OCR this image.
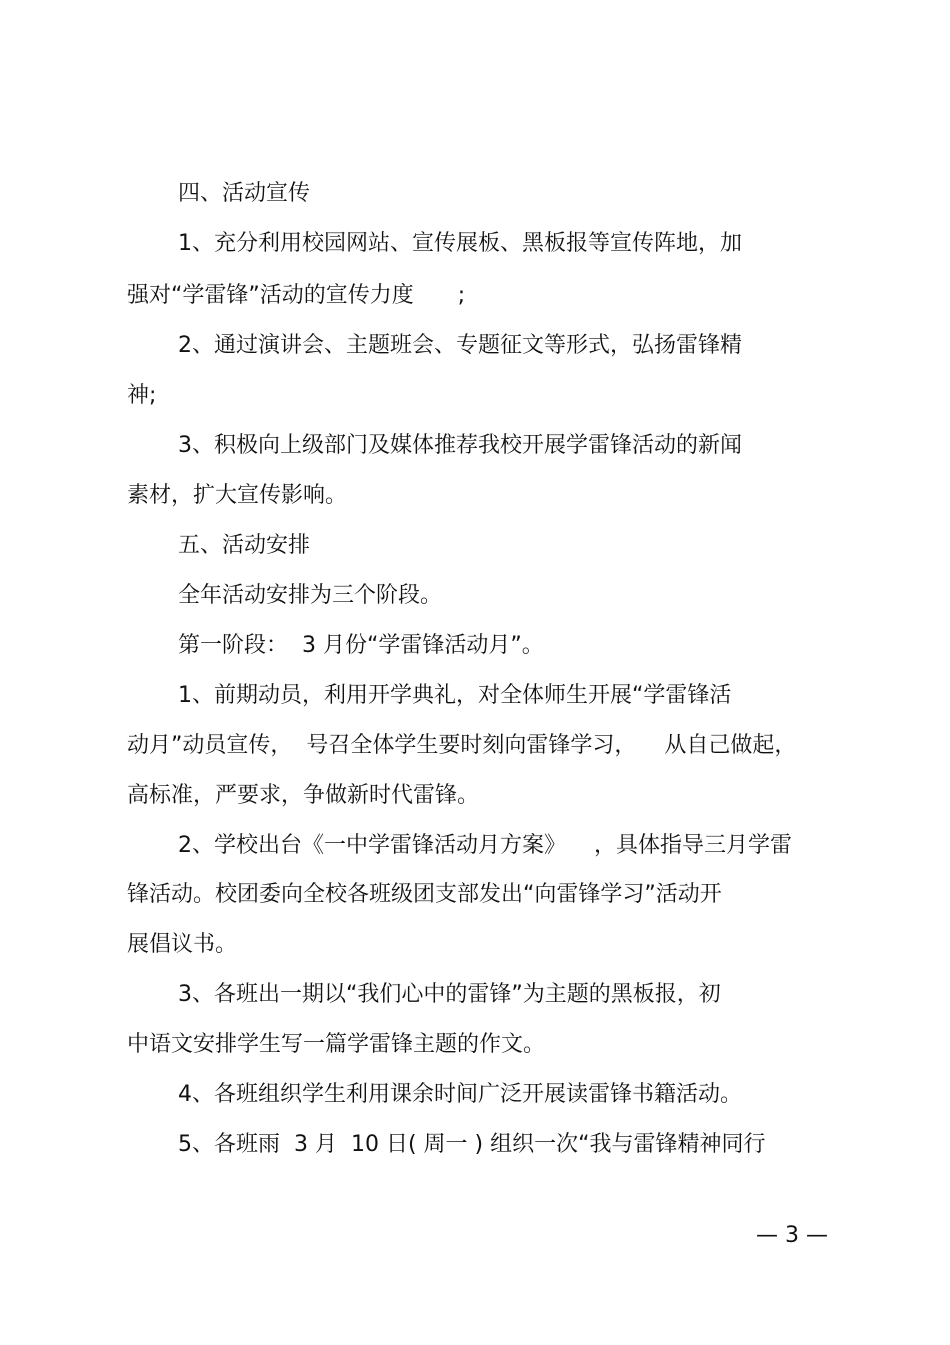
四、活动宣传
1、充分利用校园网站、宣传展板、黑板报等宣传阵地，加
强对“学雷锋”活动的宣传力度　　;
2、通过演讲会、主题班会、专题征文等形式，弘扬雷锋精
神;
3、积极向上级部门及媒体推荐我校开展学雷锋活动的新闻
素材，扩大宣传影响。
五、活动安排
全年活动安排为三个阶段。
第一阶段：  3 月份“学雷锋活动月”。
1、前期动员，利用开学典礼，对全体师生开展“学雷锋活
动月”动员宣传，  号召全体学生要时刻向雷锋学习，    从自己做起，
高标准，严要求，争做新时代雷锋。
2、学校出台《一中学雷锋活动月方案》    ，具体指导三月学雷
锋活动。校团委向全校各班级团支部发出“向雷锋学习”活动开
展倡议书。
3、各班出一期以“我们心中的雷锋”为主题的黑板报，初
中语文安排学生写一篇学雷锋主题的作文。
4、各班组织学生利用课余时间广泛开展读雷锋书籍活动。
5、各班雨  3 月  10 日( 周一 ) 组织一次“我与雷锋精神同行
— 3 —
